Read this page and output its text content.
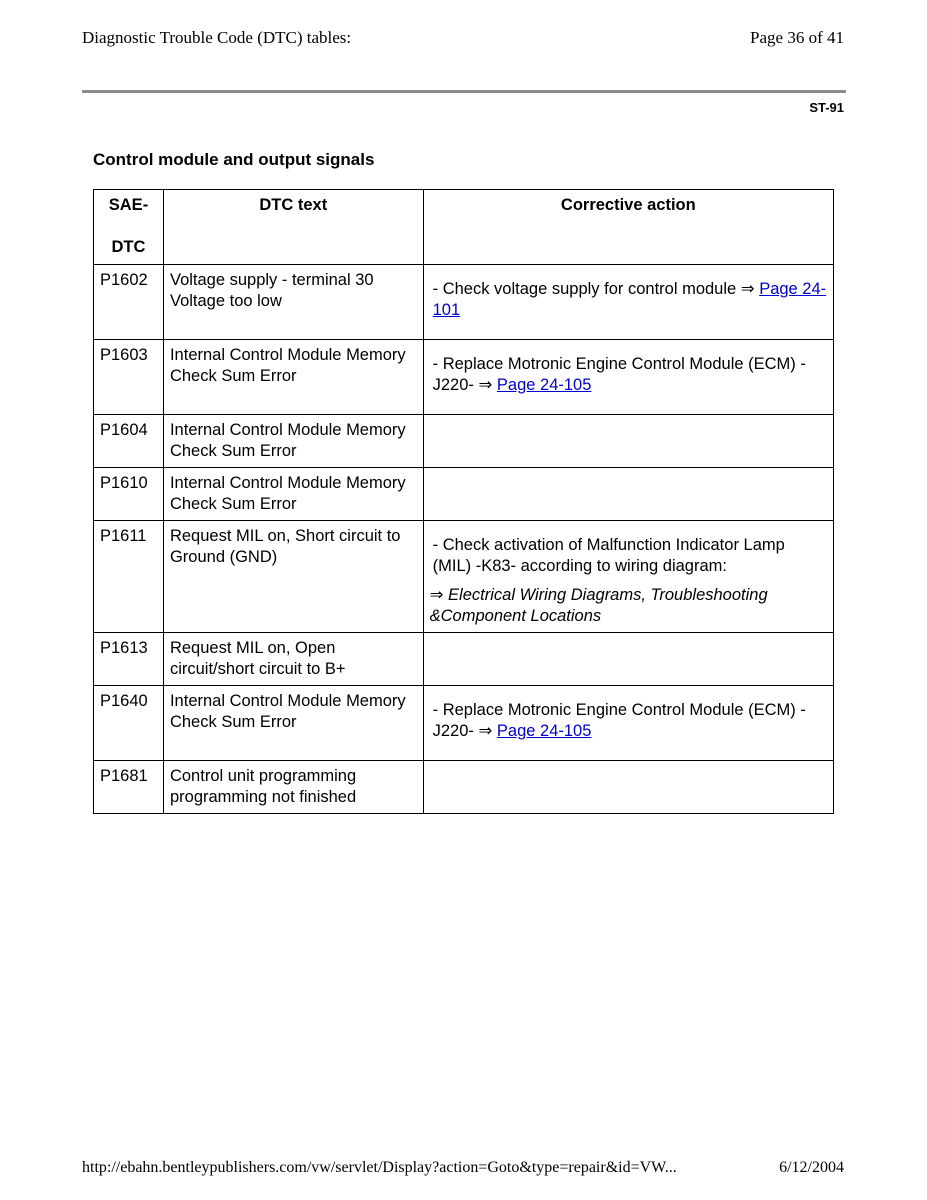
Diagnostic Trouble Code (DTC) tables:	Page 36 of 41
ST-91
Control module and output signals
SAE-
DTC	DTC text	Corrective action
P1602	Voltage supply - terminal 30 Voltage too low	- Check voltage supply for control module ⇒ Page 24-101
P1603	Internal Control Module Memory Check Sum Error	- Replace Motronic Engine Control Module (ECM) -J220- ⇒ Page 24-105
P1604	Internal Control Module Memory Check Sum Error	
P1610	Internal Control Module Memory Check Sum Error	
P1611	Request MIL on, Short circuit to Ground (GND)	- Check activation of Malfunction Indicator Lamp (MIL) -K83- according to wiring diagram:
⇒ Electrical Wiring Diagrams, Troubleshooting &Component Locations

P1613	Request MIL on, Open circuit/short circuit to B+	
P1640	Internal Control Module Memory Check Sum Error	- Replace Motronic Engine Control Module (ECM) -J220- ⇒ Page 24-105
P1681	Control unit programming programming not finished	
http://ebahn.bentleypublishers.com/vw/servlet/Display?action=Goto&type=repair&id=VW...	6/12/2004
